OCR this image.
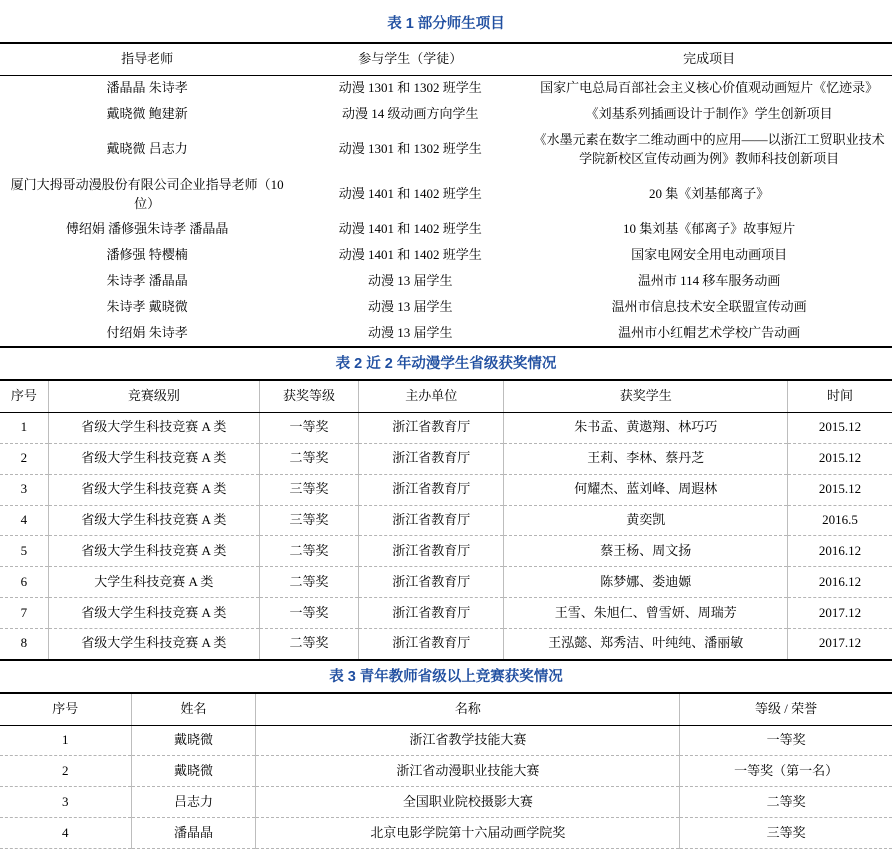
表 1 部分师生项目
指导老师	参与学生（学徒）	完成项目
潘晶晶 朱诗孝	动漫 1301 和 1302 班学生	国家广电总局百部社会主义核心价值观动画短片《忆迹录》
戴晓微 鲍建新	动漫 14 级动画方向学生	《刘基系列插画设计于制作》学生创新项目
戴晓微 吕志力	动漫 1301 和 1302 班学生	《水墨元素在数字二维动画中的应用——以浙江工贸职业技术学院新校区宣传动画为例》教师科技创新项目
厦门大拇哥动漫股份有限公司企业指导老师（10 位）	动漫 1401 和 1402 班学生	20 集《刘基郁离子》
傅绍娟 潘修强朱诗孝 潘晶晶	动漫 1401 和 1402 班学生	10 集刘基《郁离子》故事短片
潘修强 特樱楠	动漫 1401 和 1402 班学生	国家电网安全用电动画项目
朱诗孝 潘晶晶	动漫 13 届学生	温州市 114 移车服务动画
朱诗孝 戴晓微	动漫 13 届学生	温州市信息技术安全联盟宣传动画
付绍娟 朱诗孝	动漫 13 届学生	温州市小红帽艺术学校广告动画
表 2 近 2 年动漫学生省级获奖情况
序号	竞赛级别	获奖等级	主办单位	获奖学生	时间
1	省级大学生科技竞赛 A 类	一等奖	浙江省教育厅	朱书孟、黄遨翔、林巧巧	2015.12
2	省级大学生科技竞赛 A 类	二等奖	浙江省教育厅	王莉、李林、蔡丹芝	2015.12
3	省级大学生科技竞赛 A 类	三等奖	浙江省教育厅	何耀杰、蓝刘峰、周遐林	2015.12
4	省级大学生科技竞赛 A 类	三等奖	浙江省教育厅	黄奕凯	2016.5
5	省级大学生科技竞赛 A 类	二等奖	浙江省教育厅	蔡王杨、周文扬	2016.12
6	大学生科技竞赛 A 类	二等奖	浙江省教育厅	陈梦娜、娄迪嫄	2016.12
7	省级大学生科技竞赛 A 类	一等奖	浙江省教育厅	王雪、朱旭仁、曾雪妍、周瑞芳	2017.12
8	省级大学生科技竞赛 A 类	二等奖	浙江省教育厅	王泓懿、郑秀洁、叶纯纯、潘丽敏	2017.12
表 3 青年教师省级以上竞赛获奖情况
序号	姓名	名称	等级 / 荣誉
1	戴晓微	浙江省教学技能大赛	一等奖
2	戴晓微	浙江省动漫职业技能大赛	一等奖（第一名）
3	吕志力	全国职业院校摄影大赛	二等奖
4	潘晶晶	北京电影学院第十六届动画学院奖	三等奖
